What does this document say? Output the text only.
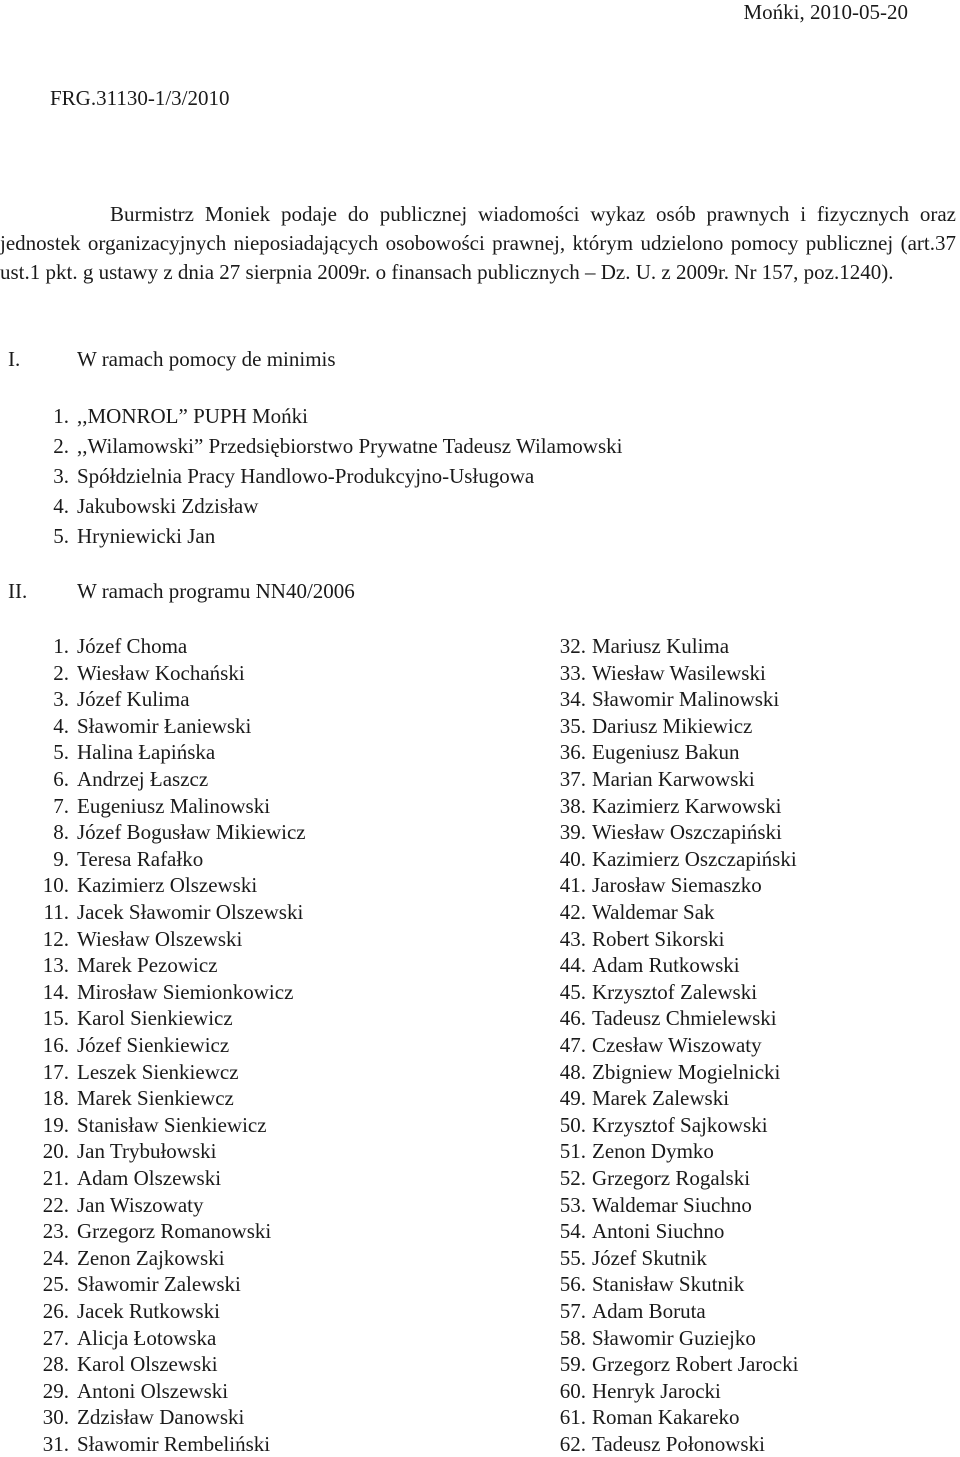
Mońki, 2010-05-20
FRG.31130-1/3/2010

Burmistrz Moniek podaje do publicznej wiadomości wykaz osób prawnych i fizycznych oraz jednostek organizacyjnych nieposiadających osobowości prawnej, którym udzielono pomocy publicznej (art.37 ust.1 pkt. g ustawy z dnia 27 sierpnia 2009r. o finansach publicznych – Dz. U. z 2009r. Nr 157, poz.1240).

I.	W ramach pomocy de minimis
1. ,,MONROL” PUPH Mońki
2. ,,Wilamowski” Przedsiębiorstwo Prywatne Tadeusz Wilamowski
3. Spółdzielnia Pracy Handlowo-Produkcyjno-Usługowa
4. Jakubowski Zdzisław
5. Hryniewicki Jan
II. W ramach programu NN40/2006
1. Józef Choma
2. Wiesław Kochański
3. Józef Kulima
4. Sławomir Łaniewski
5. Halina Łapińska
6. Andrzej Łaszcz
7. Eugeniusz Malinowski
8. Józef Bogusław Mikiewicz
9. Teresa Rafałko
10. Kazimierz Olszewski
11. Jacek Sławomir Olszewski
12. Wiesław Olszewski
13. Marek Pezowicz
14. Mirosław Siemionkowicz
15. Karol Sienkiewicz
16. Józef Sienkiewicz
17. Leszek Sienkiewcz
18. Marek Sienkiewcz
19. Stanisław Sienkiewicz
20. Jan Trybułowski
21. Adam Olszewski
22. Jan Wiszowaty
23. Grzegorz Romanowski
24. Zenon Zajkowski
25. Sławomir Zalewski
26. Jacek Rutkowski
27. Alicja Łotowska
28. Karol Olszewski
29. Antoni Olszewski
30. Zdzisław Danowski
31. Sławomir Rembeliński
32. Mariusz Kulima
33. Wiesław Wasilewski
34. Sławomir Malinowski
35. Dariusz Mikiewicz
36. Eugeniusz Bakun
37. Marian Karwowski
38. Kazimierz Karwowski
39. Wiesław Oszczapiński
40. Kazimierz Oszczapiński
41. Jarosław Siemaszko
42. Waldemar Sak
43. Robert Sikorski
44. Adam Rutkowski
45. Krzysztof Zalewski
46. Tadeusz Chmielewski
47. Czesław Wiszowaty
48. Zbigniew Mogielnicki
49. Marek Zalewski
50. Krzysztof Sajkowski
51. Zenon Dymko
52. Grzegorz Rogalski
53. Waldemar Siuchno
54. Antoni Siuchno
55. Józef Skutnik
56. Stanisław Skutnik
57. Adam Boruta
58. Sławomir Guziejko
59. Grzegorz Robert Jarocki
60. Henryk Jarocki
61. Roman Kakareko
62. Tadeusz Połonowski
